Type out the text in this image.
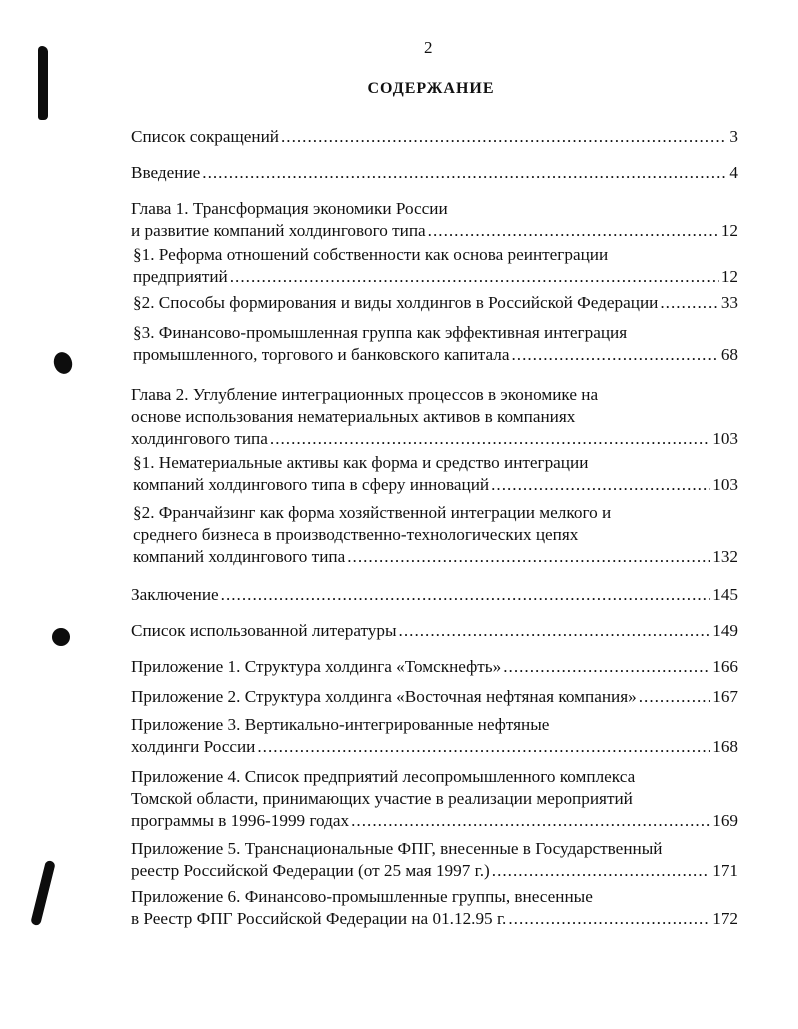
2
СОДЕРЖАНИЕ
Список сокращений .....	3
Введение .....	4
Глава 1. Трансформация экономики России
и развитие компаний холдингового типа .....	12
§1. Реформа отношений собственности как основа реинтеграции
предприятий .....	12
§2. Способы формирования и виды холдингов в Российской Федерации .....	33
§3. Финансово-промышленная группа как эффективная интеграция
промышленного, торгового и банковского капитала .....	68
Глава 2. Углубление интеграционных процессов в экономике на
основе использования нематериальных активов в компаниях
холдингового типа .....	103
§1. Нематериальные активы как форма и средство интеграции
компаний холдингового типа в сферу инноваций .....	103
§2. Франчайзинг как форма хозяйственной интеграции мелкого и
среднего бизнеса в производственно-технологических цепях
компаний холдингового типа .....	132
Заключение .....	145
Список использованной литературы .....	149
Приложение 1. Структура холдинга «Томскнефть» .....	166
Приложение 2. Структура холдинга «Восточная нефтяная компания» .....	167
Приложение 3. Вертикально-интегрированные нефтяные
холдинги России .....	168
Приложение 4. Список предприятий лесопромышленного комплекса
Томской области, принимающих участие в реализации мероприятий
программы в 1996-1999 годах .....	169
Приложение 5. Транснациональные ФПГ, внесенные в Государственный
реестр Российской Федерации (от 25 мая 1997 г.) .....	171
Приложение 6. Финансово-промышленные группы, внесенные
в Реестр ФПГ Российской Федерации на 01.12.95 г. .....	172
